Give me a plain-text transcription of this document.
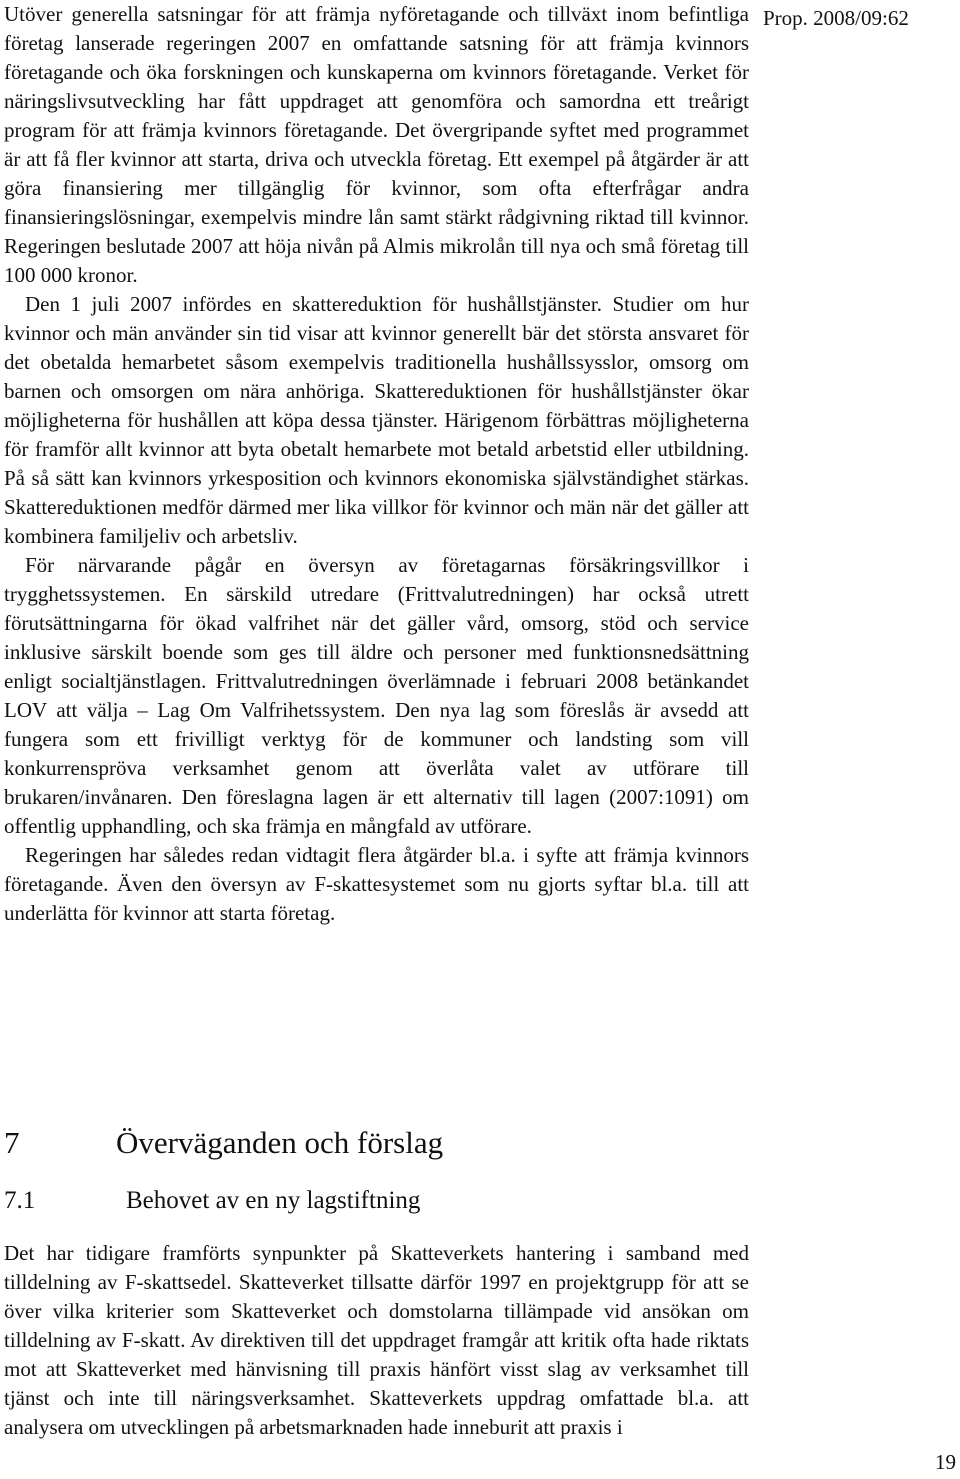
Prop. 2008/09:62

Utöver generella satsningar för att främja nyföretagande och tillväxt inom befintliga företag lanserade regeringen 2007 en omfattande satsning för att främja kvinnors företagande och öka forskningen och kunskaperna om kvinnors företagande. Verket för näringslivsutveckling har fått uppdraget att genomföra och samordna ett treårigt program för att främja kvinnors företagande. Det övergripande syftet med programmet är att få fler kvinnor att starta, driva och utveckla företag. Ett exempel på åtgärder är att göra finansiering mer tillgänglig för kvinnor, som ofta efterfrågar andra finansieringslösningar, exempelvis mindre lån samt stärkt rådgivning riktad till kvinnor. Regeringen beslutade 2007 att höja nivån på Almis mikrolån till nya och små företag till 100 000 kronor.

Den 1 juli 2007 infördes en skattereduktion för hushållstjänster. Studier om hur kvinnor och män använder sin tid visar att kvinnor generellt bär det största ansvaret för det obetalda hemarbetet såsom exempelvis traditionella hushållssysslor, omsorg om barnen och omsorgen om nära anhöriga. Skattereduktionen för hushållstjänster ökar möjligheterna för hushållen att köpa dessa tjänster. Härigenom förbättras möjligheterna för framför allt kvinnor att byta obetalt hemarbete mot betald arbetstid eller utbildning. På så sätt kan kvinnors yrkesposition och kvinnors ekonomiska självständighet stärkas. Skattereduktionen medför därmed mer lika villkor för kvinnor och män när det gäller att kombinera familjeliv och arbetsliv.

För närvarande pågår en översyn av företagarnas försäkringsvillkor i trygghetssystemen. En särskild utredare (Frittvalutredningen) har också utrett förutsättningarna för ökad valfrihet när det gäller vård, omsorg, stöd och service inklusive särskilt boende som ges till äldre och personer med funktionsnedsättning enligt socialtjänstlagen. Frittvalutredningen överlämnade i februari 2008 betänkandet LOV att välja – Lag Om Valfrihetssystem. Den nya lag som föreslås är avsedd att fungera som ett frivilligt verktyg för de kommuner och landsting som vill konkurrenspröva verksamhet genom att överlåta valet av utförare till brukaren/invånaren. Den föreslagna lagen är ett alternativ till lagen (2007:1091) om offentlig upphandling, och ska främja en mångfald av utförare.

Regeringen har således redan vidtagit flera åtgärder bl.a. i syfte att främja kvinnors företagande. Även den översyn av F-skattesystemet som nu gjorts syftar bl.a. till att underlätta för kvinnor att starta företag.

7	Överväganden och förslag
7.1	Behovet av en ny lagstiftning

Det har tidigare framförts synpunkter på Skatteverkets hantering i samband med tilldelning av F-skattsedel. Skatteverket tillsatte därför 1997 en projektgrupp för att se över vilka kriterier som Skatteverket och domstolarna tillämpade vid ansökan om tilldelning av F-skatt. Av direktiven till det uppdraget framgår att kritik ofta hade riktats mot att Skatteverket med hänvisning till praxis hänfört visst slag av verksamhet till tjänst och inte till näringsverksamhet. Skatteverkets uppdrag omfattade bl.a. att analysera om utvecklingen på arbetsmarknaden hade inneburit att praxis i

19
